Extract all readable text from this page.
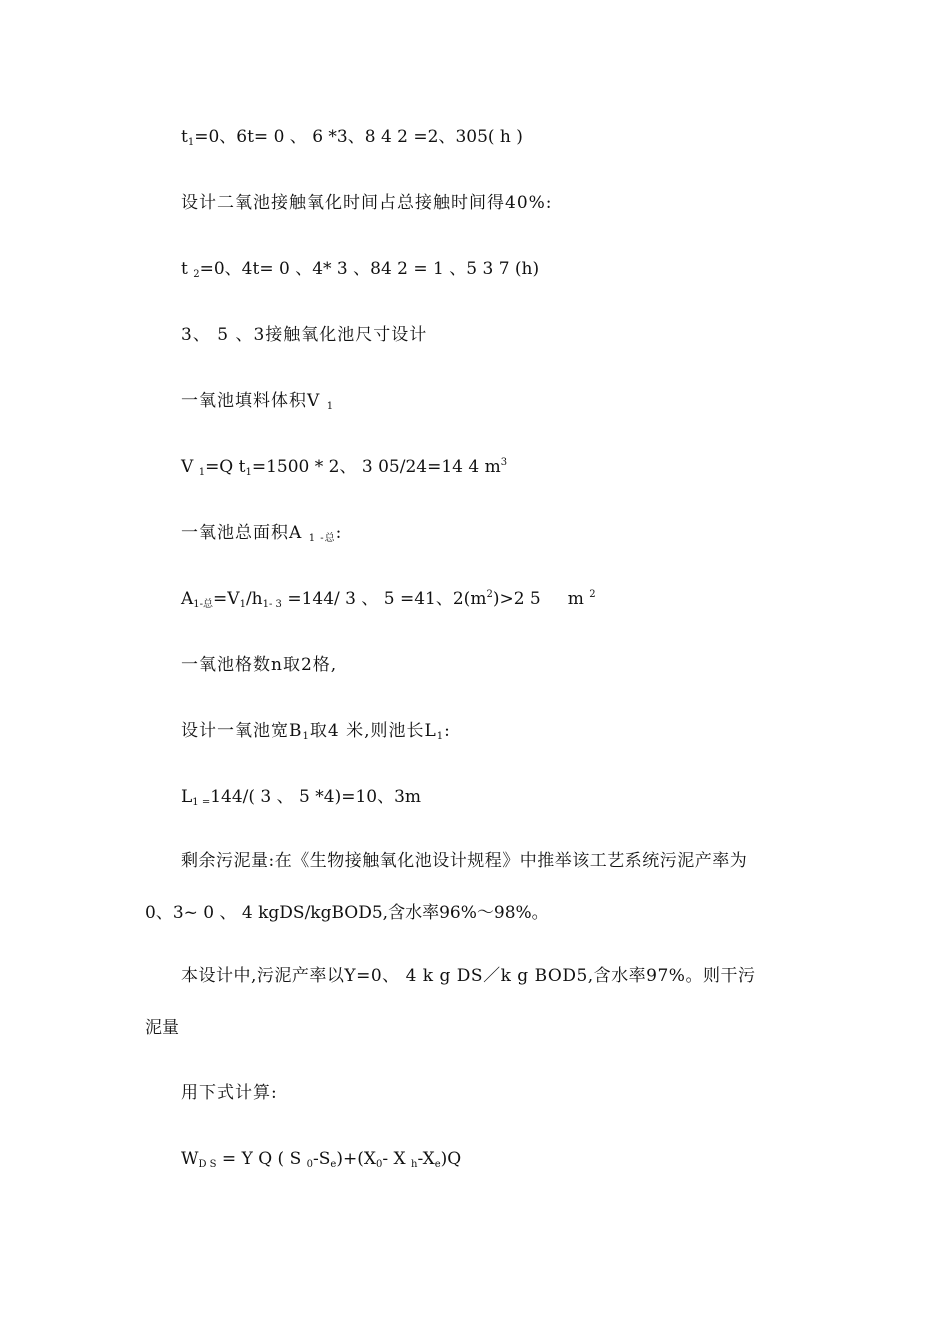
$t_1=0$、6t= 0 、 6 *3、8 4 2 =2、305( h )
设计二氧池接触氧化时间占总接触时间得40%:
t $_2$=0、4t= 0 、4* 3 、84 2 = 1 、5 3 7 (h)
3、 5 、3接触氧化池尺寸设计
一氧池填料体积V $_1$
V $_1$=Q $t_1=1500 * 2$、 3 05/24=14 4 $m^3$
一氧池总面积A $_{1 -总}$:
$A_{1-总}=V_1/h_{1- 3} =144/$ 3 、 5 =41、$2(m^2)>2$ 5     m $^2$
一氧池格数n取2格,
设计一氧池宽$B_1$取4 米,则池长$L_1$:
$L_{1 =}144/$( 3 、 5 *4)=10、3m
剩余污泥量:在《生物接触氧化池设计规程》中推举该工艺系统污泥产率为
0、3~ 0 、 4 kgDS/kgBOD5,含水率96%～98%。
本设计中,污泥产率以Y=0、 4 k g DS／k g BOD5,含水率97%。则干污
泥量
用下式计算:
$W_{D S} = Y$ Q ( S $_0-S_e)+(X_0-$ X $_h-X_e)Q$
